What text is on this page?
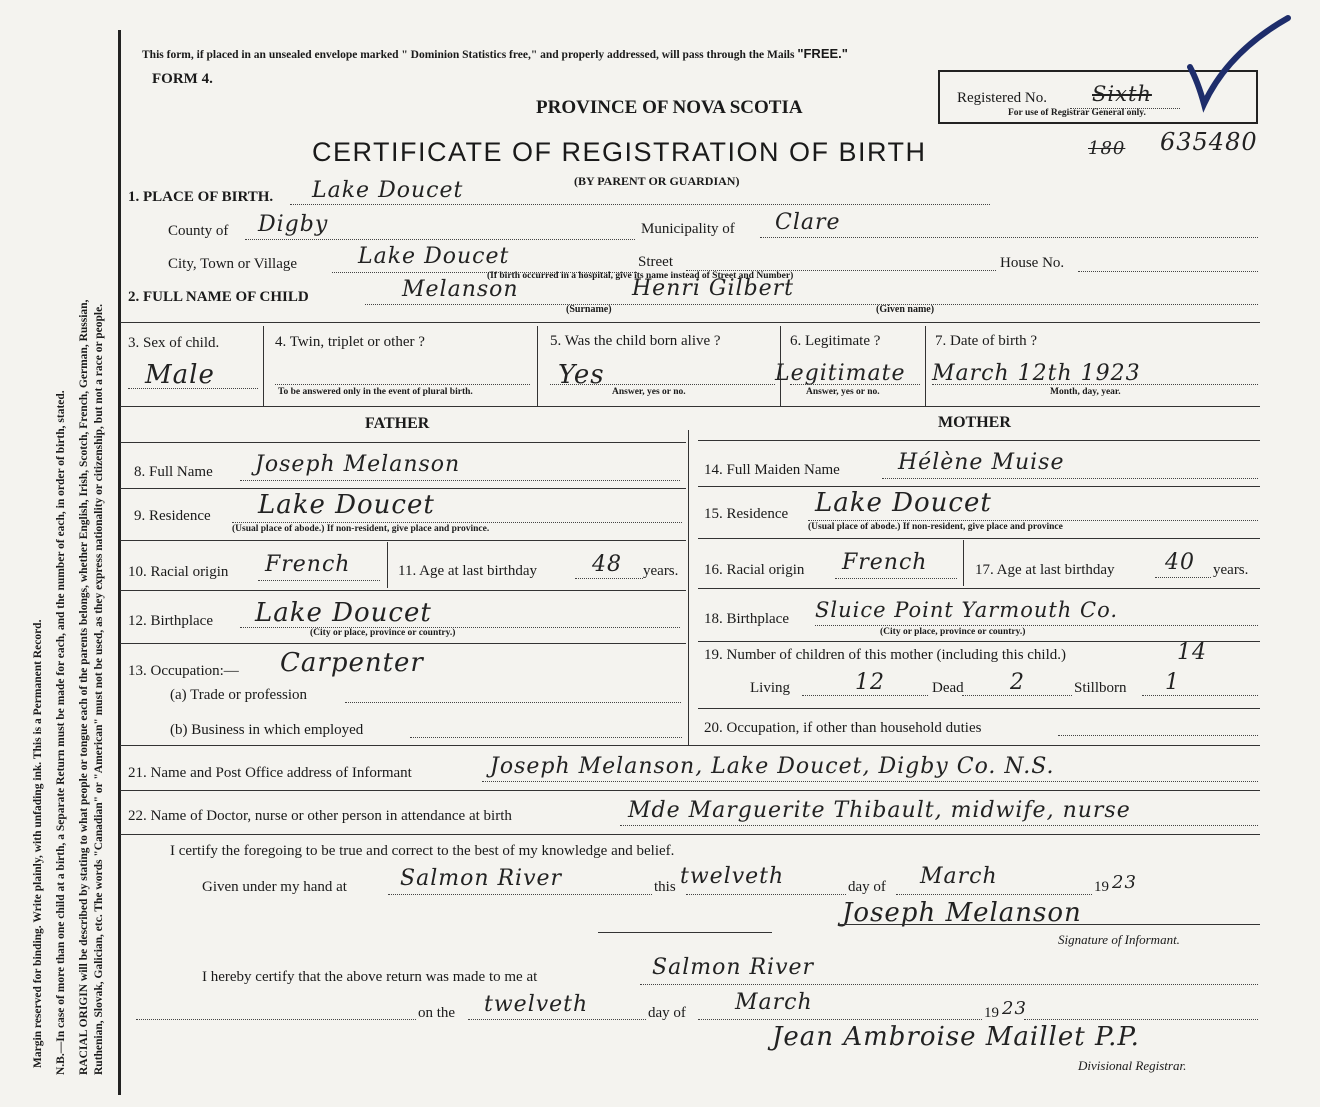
Margin reserved for binding. Write plainly, with unfading ink. This is a Permanent Record. N.B.—In case of more than one child at a birth, a Separate Return must be made for each, and the number of each, in order of birth, stated. RACIAL ORIGIN will be described by stating to what people or tongue each of the parents belongs, whether English, Irish, Scotch, French, German, Russian, Ruthenian, Slovak, Galician, etc. The words "Canadian" or "American" must not be used, as they express nationality or citizenship, but not a race or people.
This form, if placed in an unsealed envelope marked " Dominion Statistics free," and properly addressed, will pass through the Mails "FREE."
FORM 4.
PROVINCE OF NOVA SCOTIA
CERTIFICATE OF REGISTRATION OF BIRTH
(BY PARENT OR GUARDIAN)
Registered No. Sixth
For use of Registrar General only.
180 635480
1. PLACE OF BIRTH. Lake Doucet
County of Digby	Municipality of Clare
City, Town or Village	Lake Doucet	Street	House No.
(If birth occurred in a hospital, give its name instead of Street and Number)
2. FULL NAME OF CHILD	Melanson	Henri Gilbert
(Surname)	(Given name)
3. Sex of child.
Male
4. Twin, triplet or other ?
To be answered only in the event of plural birth.
5. Was the child born alive ?
Yes
Answer, yes or no.
6. Legitimate ?
Legitimate
Answer, yes or no.
7. Date of birth ?
March 12th 1923
Month, day, year.
FATHER	MOTHER
8. Full Name Joseph Melanson
9. Residence Lake Doucet
(Usual place of abode.) If non-resident, give place and province.
10. Racial origin French	11. Age at last birthday	48 years.
12. Birthplace Lake Doucet
(City or place, province or country.)
13. Occupation:— Carpenter
(a) Trade or profession
(b) Business in which employed
14. Full Maiden Name	Hélène Muise
15. Residence Lake Doucet
(Usual place of abode.) If non-resident, give place and province
16. Racial origin French	17. Age at last birthday 40 years.
18. Birthplace Sluice Point Yarmouth Co.
(City or place, province or country.)
19. Number of children of this mother (including this child.)	14
Living	12	Dead 2	Stillborn 1
20. Occupation, if other than household duties
21. Name and Post Office address of Informant	Joseph Melanson, Lake Doucet, Digby Co. N.S.
22. Name of Doctor, nurse or other person in attendance at birth	Mde Marguerite Thibault, midwife, nurse
I certify the foregoing to be true and correct to the best of my knowledge and belief.
Given under my hand at Salmon River	this twelveth	day of March	19 23
Joseph Melanson
Signature of Informant.
I hereby certify that the above return was made to me at	Salmon River
on the twelveth	day of March	19 23
Jean Ambroise Maillet P.P.
Divisional Registrar.
